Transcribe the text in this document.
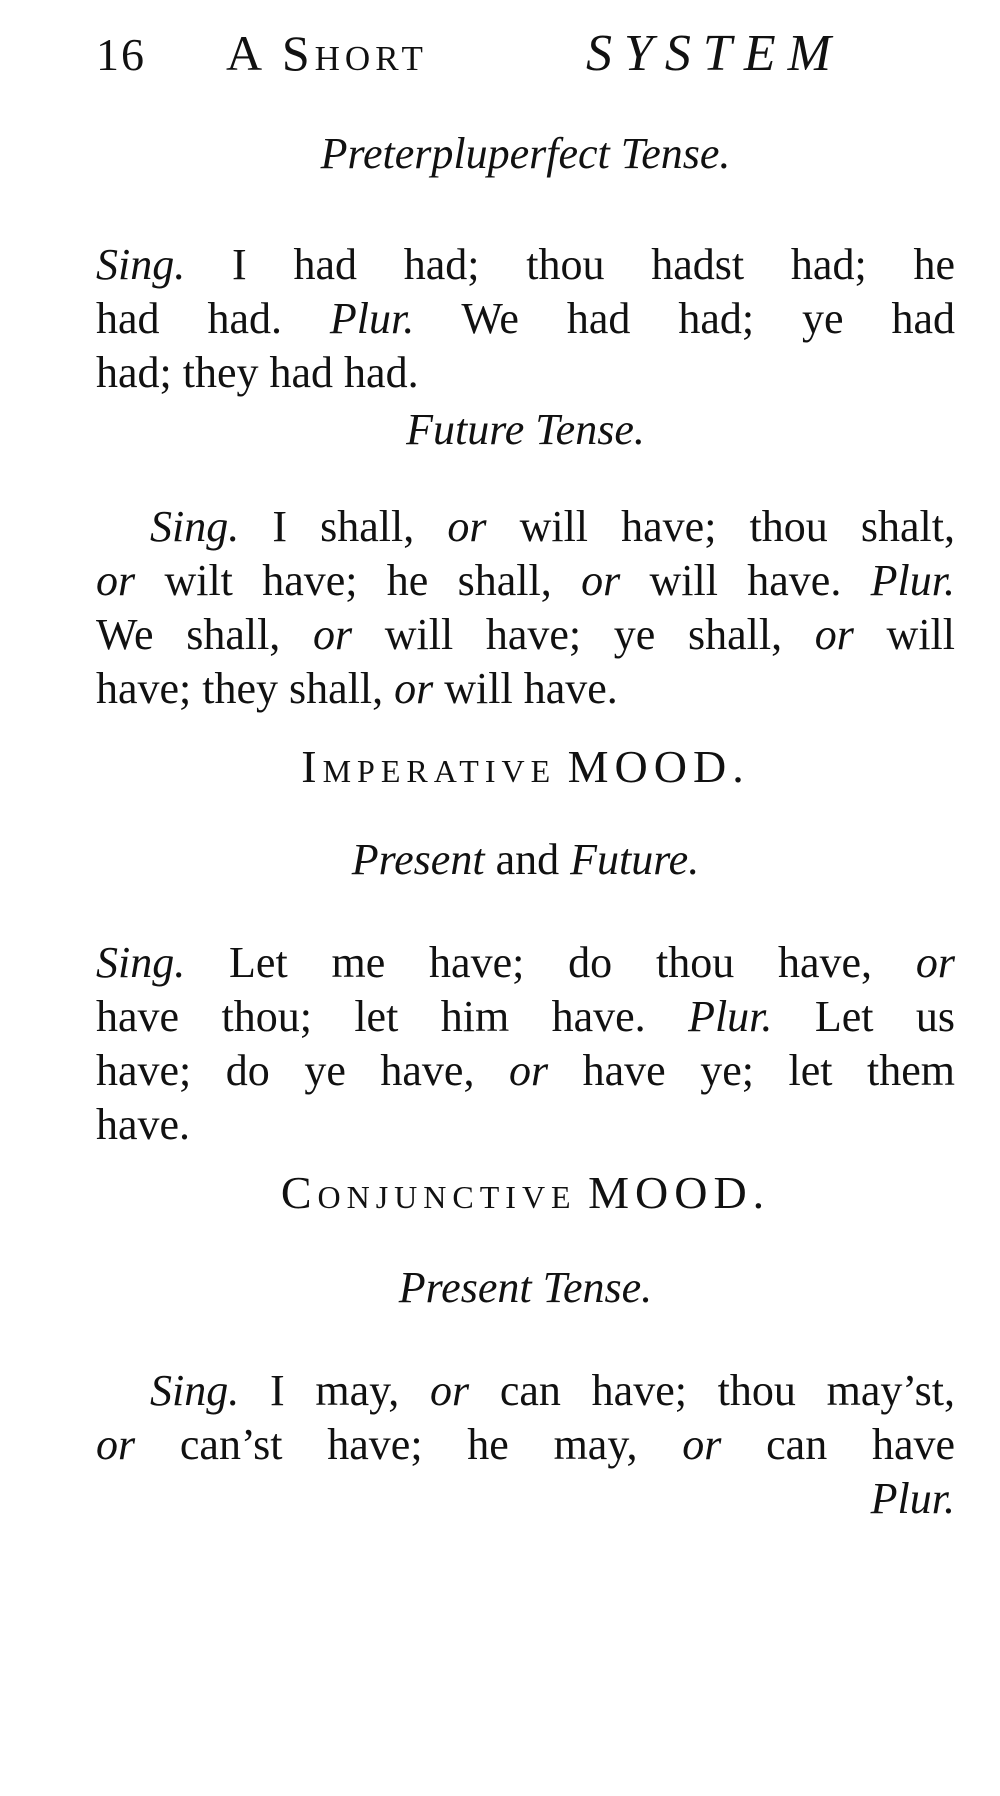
16 A Short	SYSTEM
Preterpluperfect Tense.
Sing. I had had; thou hadst had; he
had had. Plur. We had had; ye had
had; they had had.
Future Tense.
Sing. I shall, or will have; thou shalt,
or wilt have; he shall, or will have. Plur.
We shall, or will have; ye shall, or will
have; they shall, or will have.
Imperative MOOD.
Present and Future.
Sing. Let me have; do thou have, or
have thou; let him have. Plur. Let us
have; do ye have, or have ye; let them
have.
Conjunctive MOOD.
Present Tense.
Sing. I may, or can have; thou may’st,
or can’st have; he may, or can have
Plur.
